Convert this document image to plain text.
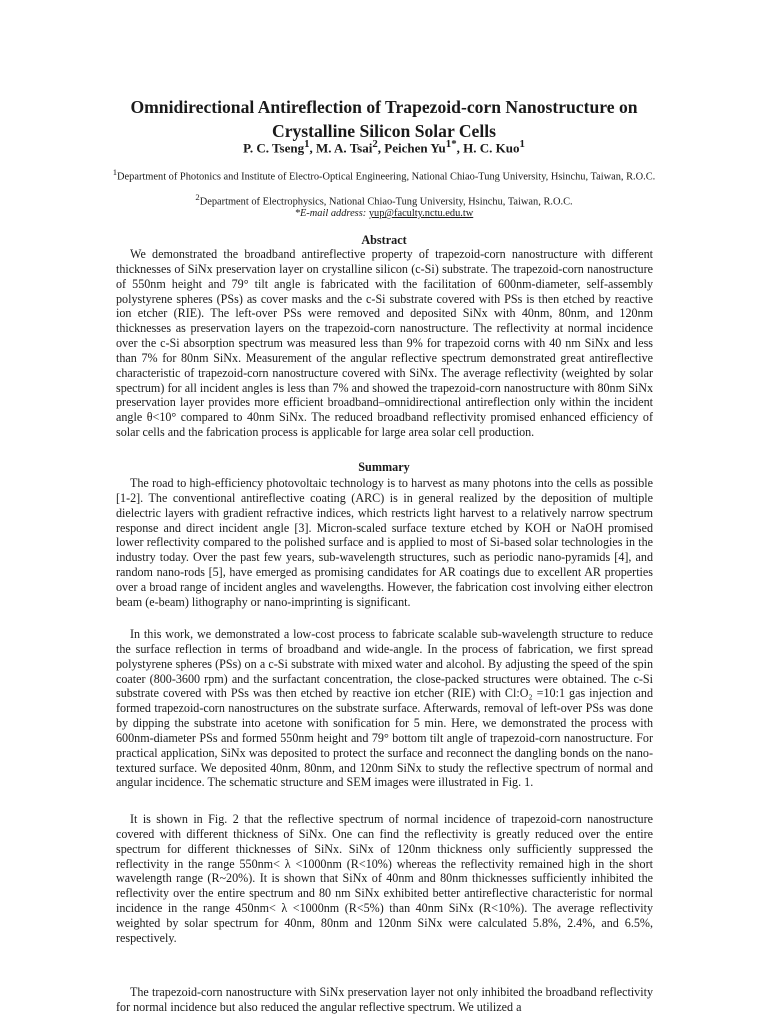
Omnidirectional Antireflection of Trapezoid-corn Nanostructure on Crystalline Silicon Solar Cells

P. C. Tseng$^1$, M. A. Tsai$^2$, Peichen $Yu^{1*}$, H. C. Kuo$^1$

$^1$Department of Photonics and Institute of Electro-Optical Engineering, National Chiao-Tung University, Hsinchu, Taiwan, R.O.C.

$^2$Department of Electrophysics, National Chiao-Tung University, Hsinchu, Taiwan, R.O.C.

*E-mail address: yup@faculty.nctu.edu.tw

Abstract

We demonstrated the broadband antireflective property of trapezoid-corn nanostructure with different thicknesses of SiNx preservation layer on crystalline silicon (c-Si) substrate. The trapezoid-corn nanostructure of 550nm height and 79° tilt angle is fabricated with the facilitation of 600nm-diameter, self-assembly polystyrene spheres (PSs) as cover masks and the c-Si substrate covered with PSs is then etched by reactive ion etcher (RIE). The left-over PSs were removed and deposited SiNx with 40nm, 80nm, and 120nm thicknesses as preservation layers on the trapezoid-corn nanostructure. The reflectivity at normal incidence over the c-Si absorption spectrum was measured less than 9% for trapezoid corns with 40 nm SiNx and less than 7% for 80nm SiNx. Measurement of the angular reflective spectrum demonstrated great antireflective characteristic of trapezoid-corn nanostructure covered with SiNx. The average reflectivity (weighted by solar spectrum) for all incident angles is less than 7% and showed the trapezoid-corn nanostructure with 80nm SiNx preservation layer provides more efficient broadband–omnidirectional antireflection only within the incident angle θ<10° compared to 40nm SiNx. The reduced broadband reflectivity promised enhanced efficiency of solar cells and the fabrication process is applicable for large area solar cell production.

Summary

The road to high-efficiency photovoltaic technology is to harvest as many photons into the cells as possible [1-2]. The conventional antireflective coating (ARC) is in general realized by the deposition of multiple dielectric layers with gradient refractive indices, which restricts light harvest to a relatively narrow spectrum response and direct incident angle [3]. Micron-scaled surface texture etched by KOH or NaOH promised lower reflectivity compared to the polished surface and is applied to most of Si-based solar technologies in the industry today. Over the past few years, sub-wavelength structures, such as periodic nano-pyramids [4], and random nano-rods [5], have emerged as promising candidates for AR coatings due to excellent AR properties over a broad range of incident angles and wavelengths. However, the fabrication cost involving either electron beam (e-beam) lithography or nano-imprinting is significant.

In this work, we demonstrated a low-cost process to fabricate scalable sub-wavelength structure to reduce the surface reflection in terms of broadband and wide-angle. In the process of fabrication, we first spread polystyrene spheres (PSs) on a c-Si substrate with mixed water and alcohol. By adjusting the speed of the spin coater (800-3600 rpm) and the surfactant concentration, the close-packed structures were obtained. The c-Si substrate covered with PSs was then etched by reactive ion etcher (RIE) with Cl:O₂ =10:1 gas injection and formed trapezoid-corn nanostructures on the substrate surface. Afterwards, removal of left-over PSs was done by dipping the substrate into acetone with sonification for 5 min. Here, we demonstrated the process with 600nm-diameter PSs and formed 550nm height and 79° bottom tilt angle of trapezoid-corn nanostructure. For practical application, SiNx was deposited to protect the surface and reconnect the dangling bonds on the nano-textured surface. We deposited 40nm, 80nm, and 120nm SiNx to study the reflective spectrum of normal and angular incidence. The schematic structure and SEM images were illustrated in Fig. 1.

It is shown in Fig. 2 that the reflective spectrum of normal incidence of trapezoid-corn nanostructure covered with different thickness of SiNx. One can find the reflectivity is greatly reduced over the entire spectrum for different thicknesses of SiNx. SiNx of 120nm thickness only sufficiently suppressed the reflectivity in the range 550nm< λ <1000nm (R<10%) whereas the reflectivity remained high in the short wavelength range (R~20%). It is shown that SiNx of 40nm and 80nm thicknesses sufficiently inhibited the reflectivity over the entire spectrum and 80 nm SiNx exhibited better antireflective characteristic for normal incidence in the range 450nm< λ <1000nm (R<5%) than 40nm SiNx (R<10%). The average reflectivity weighted by solar spectrum for 40nm, 80nm and 120nm SiNx were calculated 5.8%, 2.4%, and 6.5%, respectively.

The trapezoid-corn nanostructure with SiNx preservation layer not only inhibited the broadband reflectivity for normal incidence but also reduced the angular reflective spectrum. We utilized a
